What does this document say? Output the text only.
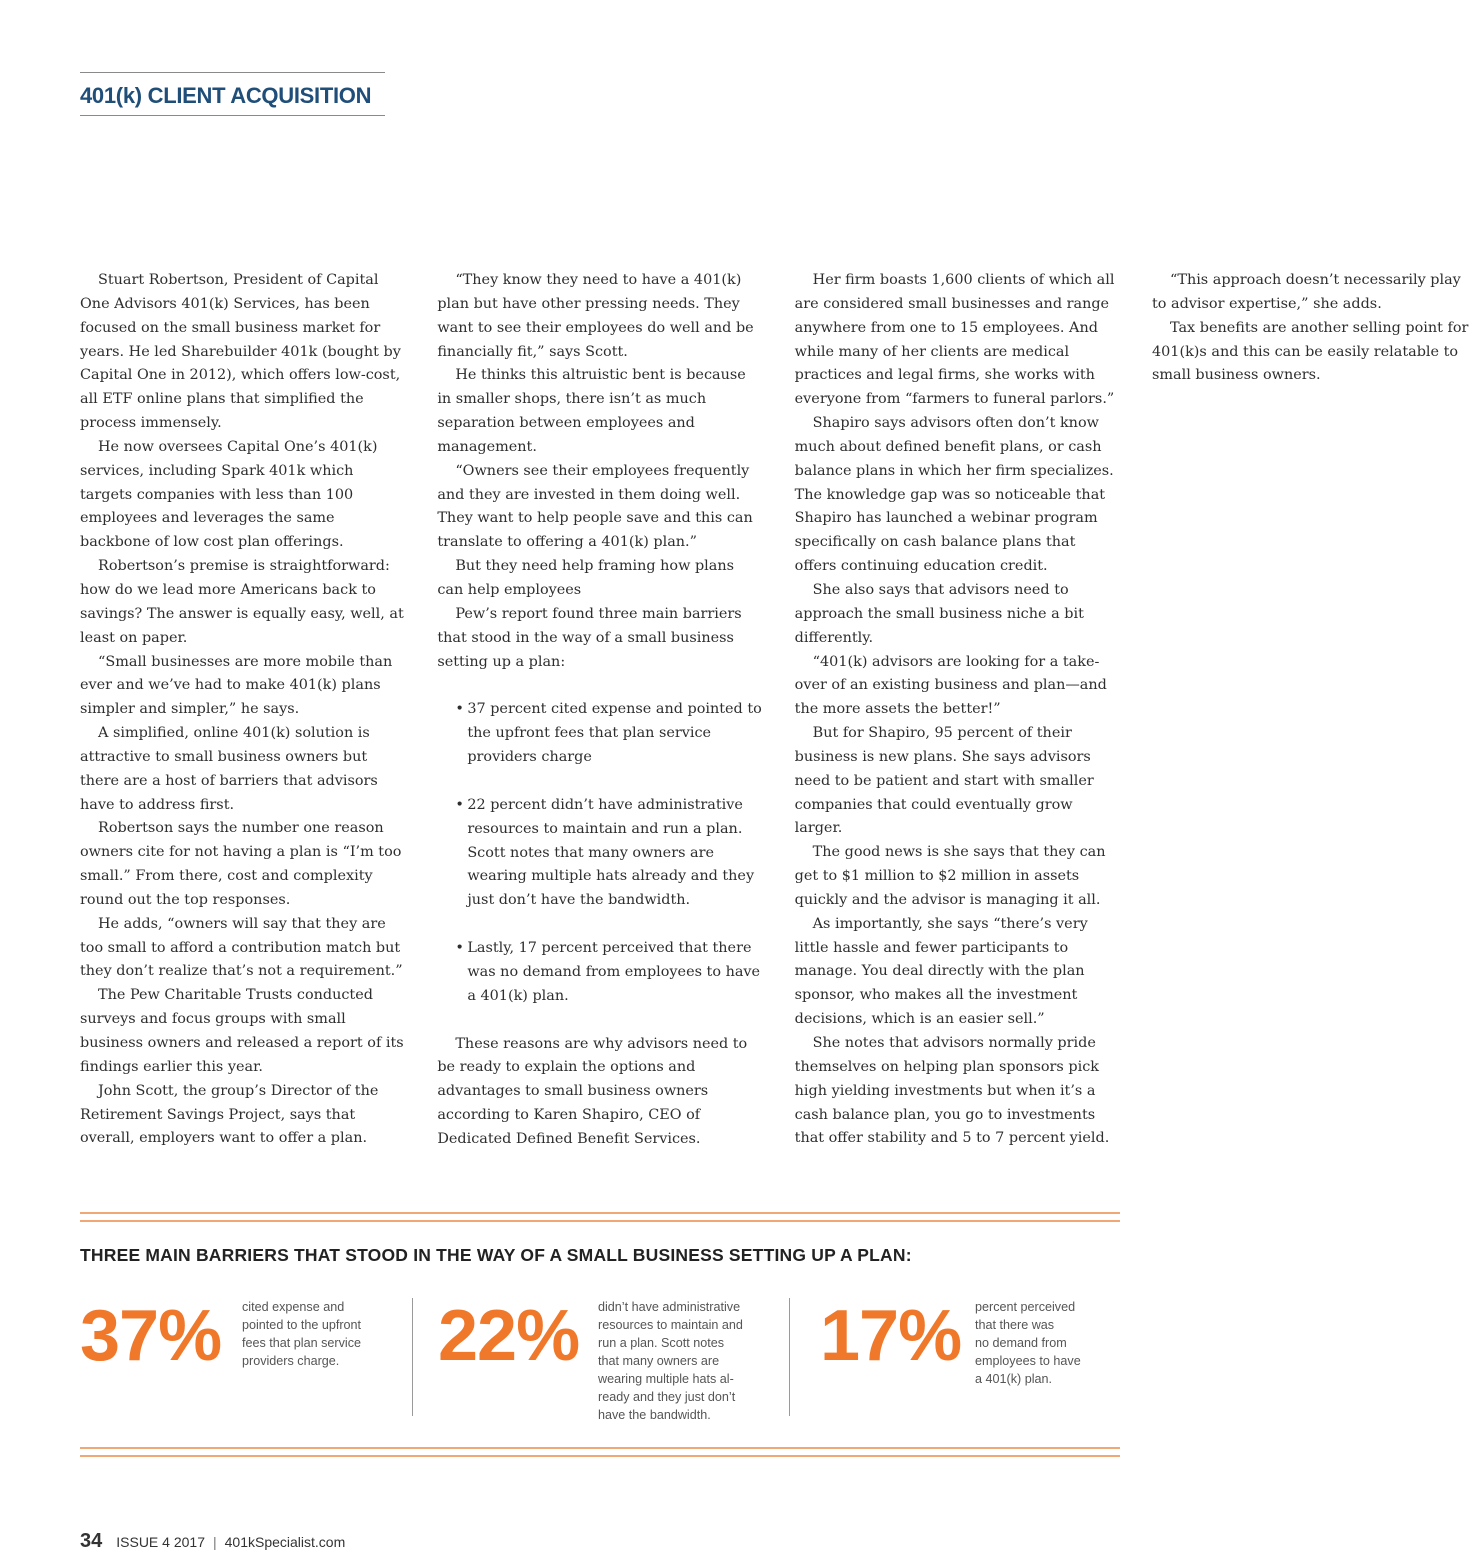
401(k) CLIENT ACQUISITION

Stuart Robertson, President of Capital One Advisors 401(k) Services, has been focused on the small business market for years. He led Sharebuilder 401k (bought by Capital One in 2012), which offers low-cost, all ETF online plans that simplified the process immensely.

He now oversees Capital One’s 401(k) services, including Spark 401k which targets companies with less than 100 employees and leverages the same backbone of low cost plan offerings.

Robertson’s premise is straightforward: how do we lead more Americans back to savings? The answer is equally easy, well, at least on paper.

“Small businesses are more mobile than ever and we’ve had to make 401(k) plans simpler and simpler,” he says.

A simplified, online 401(k) solution is attractive to small business owners but there are a host of barriers that advisors have to address first.

Robertson says the number one reason owners cite for not having a plan is “I’m too small.” From there, cost and complexity round out the top responses.

He adds, “owners will say that they are too small to afford a contribution match but they don’t realize that’s not a requirement.”

The Pew Charitable Trusts conducted surveys and focus groups with small business owners and released a report of its findings earlier this year.

John Scott, the group’s Director of the Retirement Savings Project, says that overall, employers want to offer a plan.

“They know they need to have a 401(k) plan but have other pressing needs. They want to see their employees do well and be financially fit,” says Scott.

He thinks this altruistic bent is because in smaller shops, there isn’t as much separation between employees and management.

“Owners see their employees frequently and they are invested in them doing well. They want to help people save and this can translate to offering a 401(k) plan.”

But they need help framing how plans can help employees

Pew’s report found three main barriers that stood in the way of a small business setting up a plan:

• 37 percent cited expense and pointed to the upfront fees that plan service providers charge
• 22 percent didn’t have administrative resources to maintain and run a plan. Scott notes that many owners are wearing multiple hats already and they just don’t have the bandwidth.
• Lastly, 17 percent perceived that there was no demand from employees to have a 401(k) plan.

These reasons are why advisors need to be ready to explain the options and advantages to small business owners according to Karen Shapiro, CEO of Dedicated Defined Benefit Services.

Her firm boasts 1,600 clients of which all are considered small businesses and range anywhere from one to 15 employees. And while many of her clients are medical practices and legal firms, she works with everyone from “farmers to funeral parlors.”

Shapiro says advisors often don’t know much about defined benefit plans, or cash balance plans in which her firm specializes. The knowledge gap was so noticeable that Shapiro has launched a webinar program specifically on cash balance plans that offers continuing education credit.

She also says that advisors need to approach the small business niche a bit differently.

“401(k) advisors are looking for a take-over of an existing business and plan—and the more assets the better!”

But for Shapiro, 95 percent of their business is new plans. She says advisors need to be patient and start with smaller companies that could eventually grow larger.

The good news is she says that they can get to $1 million to $2 million in assets quickly and the advisor is managing it all.

As importantly, she says “there’s very little hassle and fewer participants to manage. You deal directly with the plan sponsor, who makes all the investment decisions, which is an easier sell.”

She notes that advisors normally pride themselves on helping plan sponsors pick high yielding investments but when it’s a cash balance plan, you go to investments that offer stability and 5 to 7 percent yield.

“This approach doesn’t necessarily play to advisor expertise,” she adds.

Tax benefits are another selling point for 401(k)s and this can be easily relatable to small business owners.

THREE MAIN BARRIERS THAT STOOD IN THE WAY OF A SMALL BUSINESS SETTING UP A PLAN:
37% cited expense and
pointed to the upfront
fees that plan service
providers charge.	22% didn’t have administrative
resources to maintain and
run a plan. Scott notes
that many owners are
wearing multiple hats al-
ready and they just don’t
have the bandwidth.
17% percent perceived
that there was
no demand from
employees to have
a 401(k) plan.
34 ISSUE 4 2017 | 401kSpecialist.com
